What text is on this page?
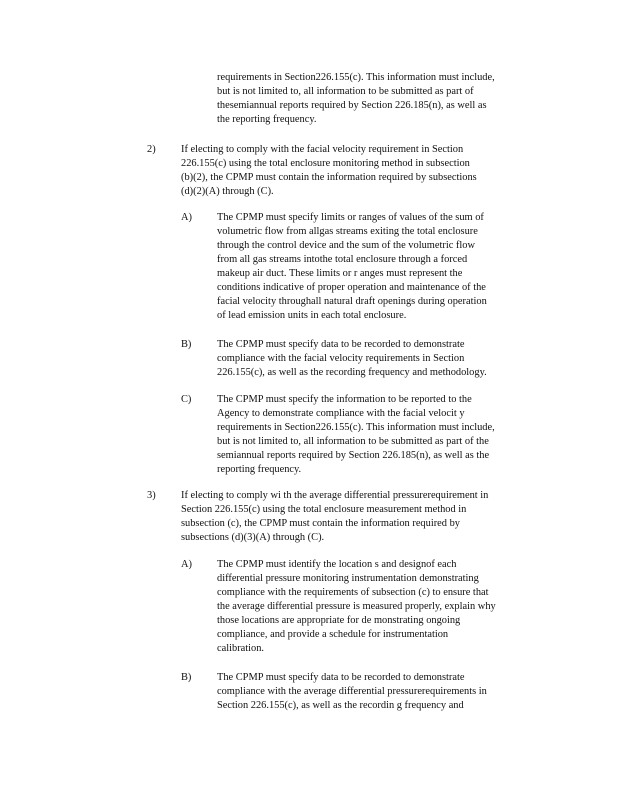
requirements in Section226.155(c). This information must include,
but is not limited to, all information to be submitted as part of
thesemiannual reports required by Section 226.185(n), as well as
the reporting frequency.
2) If electing to comply with the facial velocity requirement in Section
226.155(c) using the total enclosure monitoring method in subsection
(b)(2), the CPMP must contain the information required by subsections
(d)(2)(A) through (C).
A) The CPMP must specify limits or ranges of values of the sum of
volumetric flow from allgas streams exiting the total enclosure
through the control device and the sum of the volumetric flow
from all gas streams intothe total enclosure through a forced
makeup air duct. These limits or r anges must represent the
conditions indicative of proper operation and maintenance of the
facial velocity throughall natural draft openings during operation
of lead emission units in each total enclosure.
B) The CPMP must specify data to be recorded to demonstrate
compliance with the facial velocity requirements in Section
226.155(c), as well as the recording frequency and methodology.
C) The CPMP must specify the information to be reported to the
Agency to demonstrate compliance with the facial velocit y
requirements in Section226.155(c). This information must include,
but is not limited to, all information to be submitted as part of the
semiannual reports required by Section 226.185(n), as well as the
reporting frequency.
3) If electing to comply wi th the average differential pressurerequirement in
Section 226.155(c) using the total enclosure measurement method in
subsection (c), the CPMP must contain the information required by
subsections (d)(3)(A) through (C).
A) The CPMP must identify the location s and designof each
differential pressure monitoring instrumentation demonstrating
compliance with the requirements of subsection (c) to ensure that
the average differential pressure is measured properly, explain why
those locations are appropriate for de monstrating ongoing
compliance, and provide a schedule for instrumentation
calibration.
B) The CPMP must specify data to be recorded to demonstrate
compliance with the average differential pressurerequirements in
Section 226.155(c), as well as the recordin g frequency and
